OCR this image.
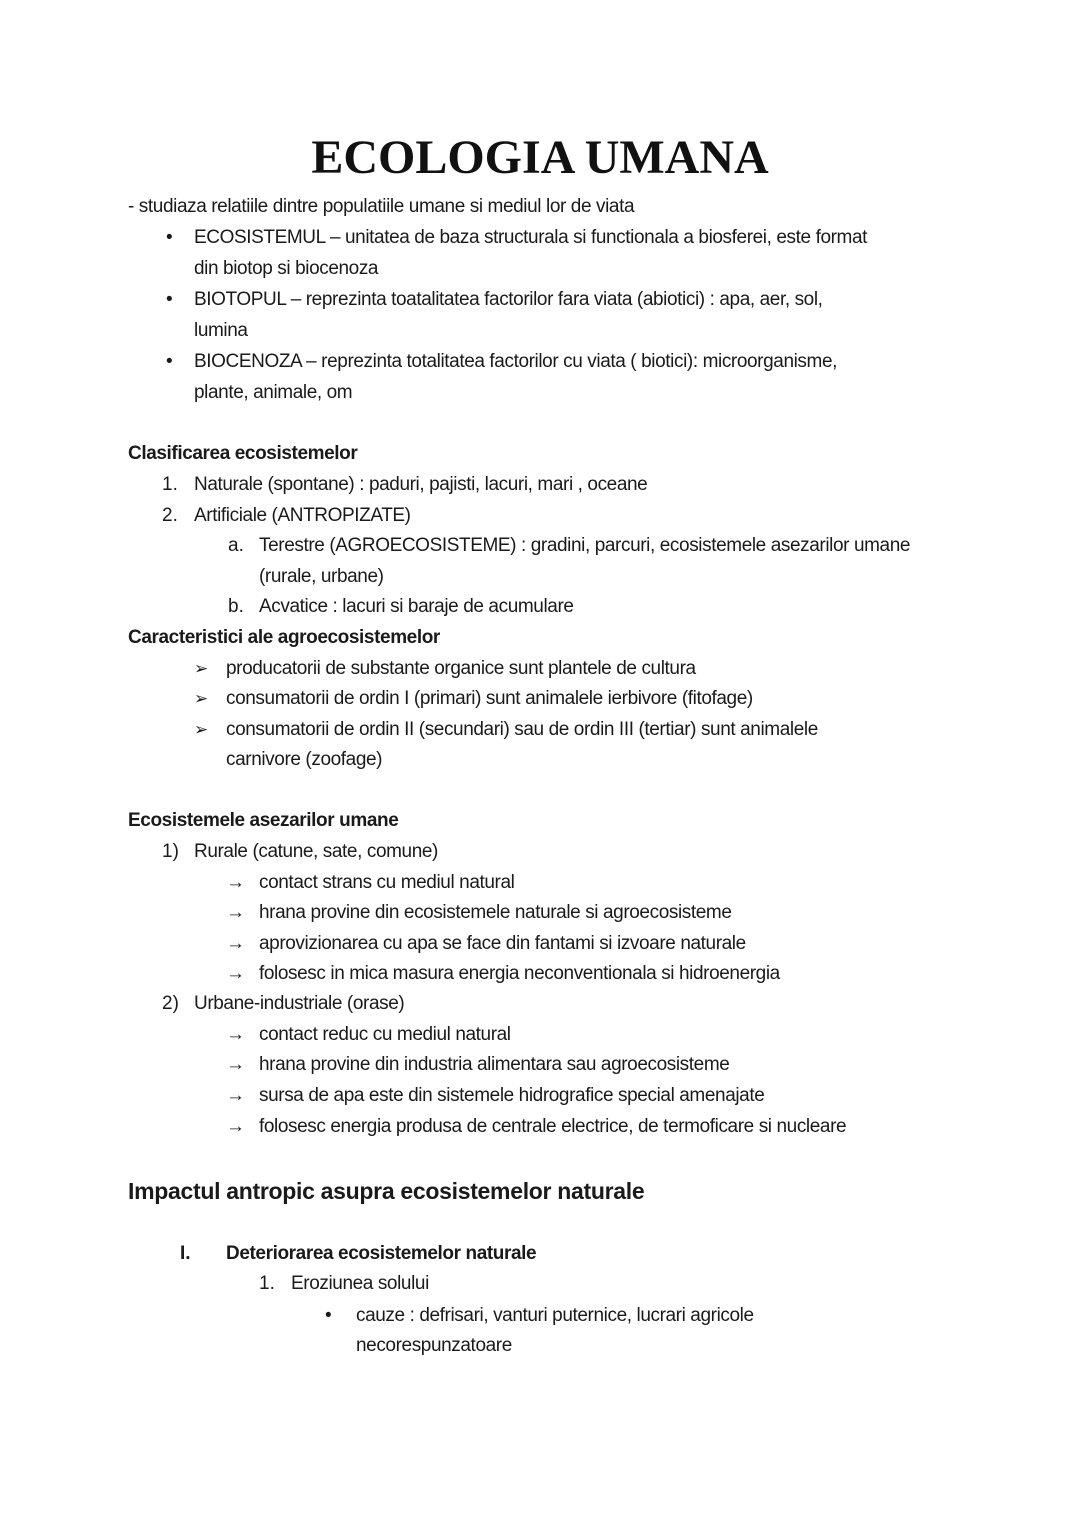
ECOLOGIA UMANA
- studiaza relatiile dintre populatiile umane si mediul lor de viata
• ECOSISTEMUL – unitatea de baza structurala si functionala a biosferei, este format
din biotop si biocenoza
• BIOTOPUL – reprezinta toatalitatea factorilor fara viata (abiotici) : apa, aer, sol,
lumina
• BIOCENOZA – reprezinta totalitatea factorilor cu viata ( biotici): microorganisme,
plante, animale, om
Clasificarea ecosistemelor
1. Naturale (spontane) : paduri, pajisti, lacuri, mari , oceane
2. Artificiale (ANTROPIZATE)
a. Terestre (AGROECOSISTEME) : gradini, parcuri, ecosistemele asezarilor umane
(rurale, urbane)
b. Acvatice : lacuri si baraje de acumulare
Caracteristici ale agroecosistemelor
➢ producatorii de substante organice sunt plantele de cultura
➢ consumatorii de ordin I (primari) sunt animalele ierbivore (fitofage)
➢ consumatorii de ordin II (secundari) sau de ordin III (tertiar) sunt animalele
carnivore (zoofage)
Ecosistemele asezarilor umane
1) Rurale (catune, sate, comune)
→ contact strans cu mediul natural
→ hrana provine din ecosistemele naturale si agroecosisteme
→ aprovizionarea cu apa se face din fantami si izvoare naturale
→ folosesc in mica masura energia neconventionala si hidroenergia
2) Urbane-industriale (orase)
→ contact reduc cu mediul natural
→ hrana provine din industria alimentara sau agroecosisteme
→ sursa de apa este din sistemele hidrografice special amenajate
→ folosesc energia produsa de centrale electrice, de termoficare si nucleare
Impactul antropic asupra ecosistemelor naturale
I. Deteriorarea ecosistemelor naturale
1. Eroziunea solului
• cauze : defrisari, vanturi puternice, lucrari agricole
necorespunzatoare
